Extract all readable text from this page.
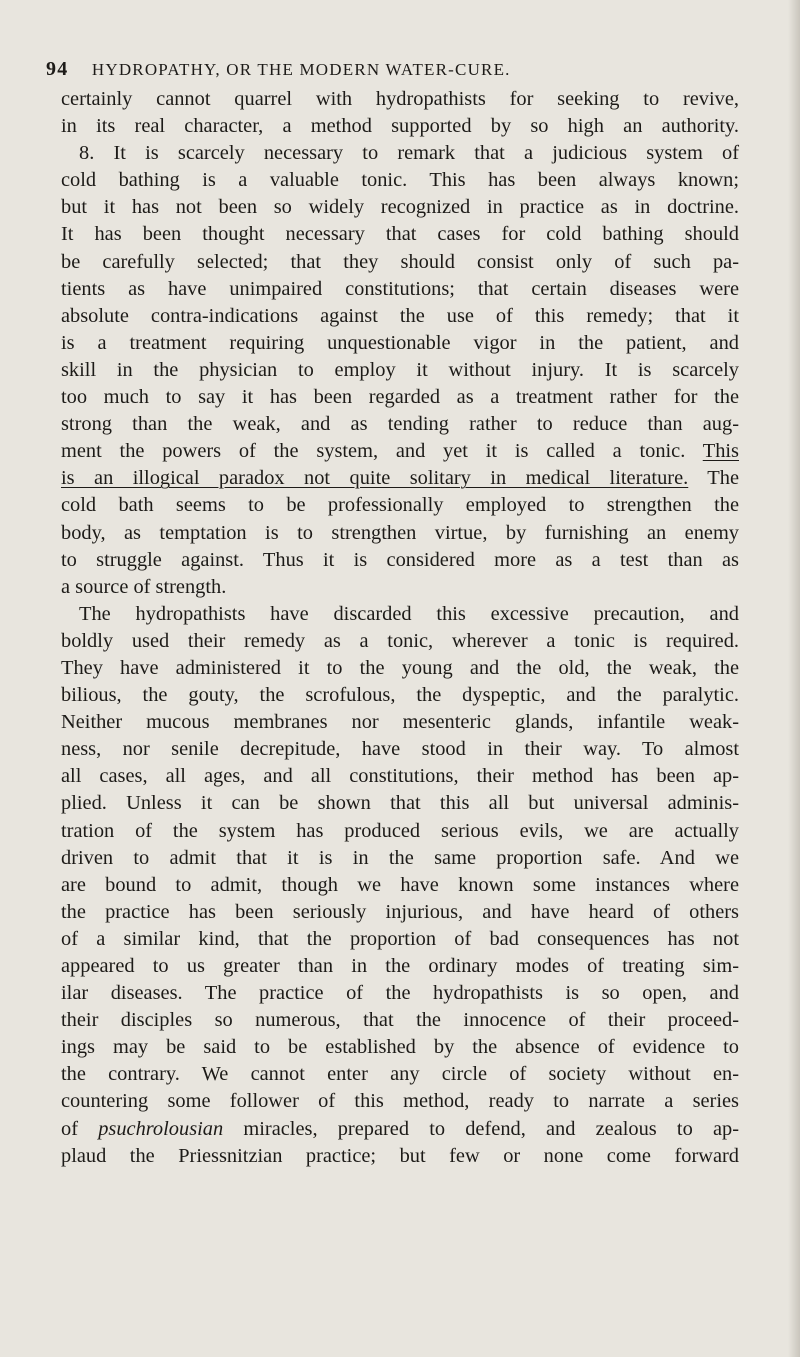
94 HYDROPATHY, OR THE MODERN WATER-CURE.
certainly cannot quarrel with hydropathists for seeking to revive,
in its real character, a method supported by so high an authority.
8. It is scarcely necessary to remark that a judicious system of
cold bathing is a valuable tonic. This has been always known;
but it has not been so widely recognized in practice as in doctrine.
It has been thought necessary that cases for cold bathing should
be carefully selected; that they should consist only of such pa-
tients as have unimpaired constitutions; that certain diseases were
absolute contra-indications against the use of this remedy; that it
is a treatment requiring unquestionable vigor in the patient, and
skill in the physician to employ it without injury. It is scarcely
too much to say it has been regarded as a treatment rather for the
strong than the weak, and as tending rather to reduce than aug-
ment the powers of the system, and yet it is called a tonic. This
is an illogical paradox not quite solitary in medical literature. The
cold bath seems to be professionally employed to strengthen the
body, as temptation is to strengthen virtue, by furnishing an enemy
to struggle against. Thus it is considered more as a test than as
a source of strength.
The hydropathists have discarded this excessive precaution, and
boldly used their remedy as a tonic, wherever a tonic is required.
They have administered it to the young and the old, the weak, the
bilious, the gouty, the scrofulous, the dyspeptic, and the paralytic.
Neither mucous membranes nor mesenteric glands, infantile weak-
ness, nor senile decrepitude, have stood in their way. To almost
all cases, all ages, and all constitutions, their method has been ap-
plied. Unless it can be shown that this all but universal adminis-
tration of the system has produced serious evils, we are actually
driven to admit that it is in the same proportion safe. And we
are bound to admit, though we have known some instances where
the practice has been seriously injurious, and have heard of others
of a similar kind, that the proportion of bad consequences has not
appeared to us greater than in the ordinary modes of treating sim-
ilar diseases. The practice of the hydropathists is so open, and
their disciples so numerous, that the innocence of their proceed-
ings may be said to be established by the absence of evidence to
the contrary. We cannot enter any circle of society without en-
countering some follower of this method, ready to narrate a series
of psuchrolousian miracles, prepared to defend, and zealous to ap-
plaud the Priessnitzian practice; but few or none come forward
